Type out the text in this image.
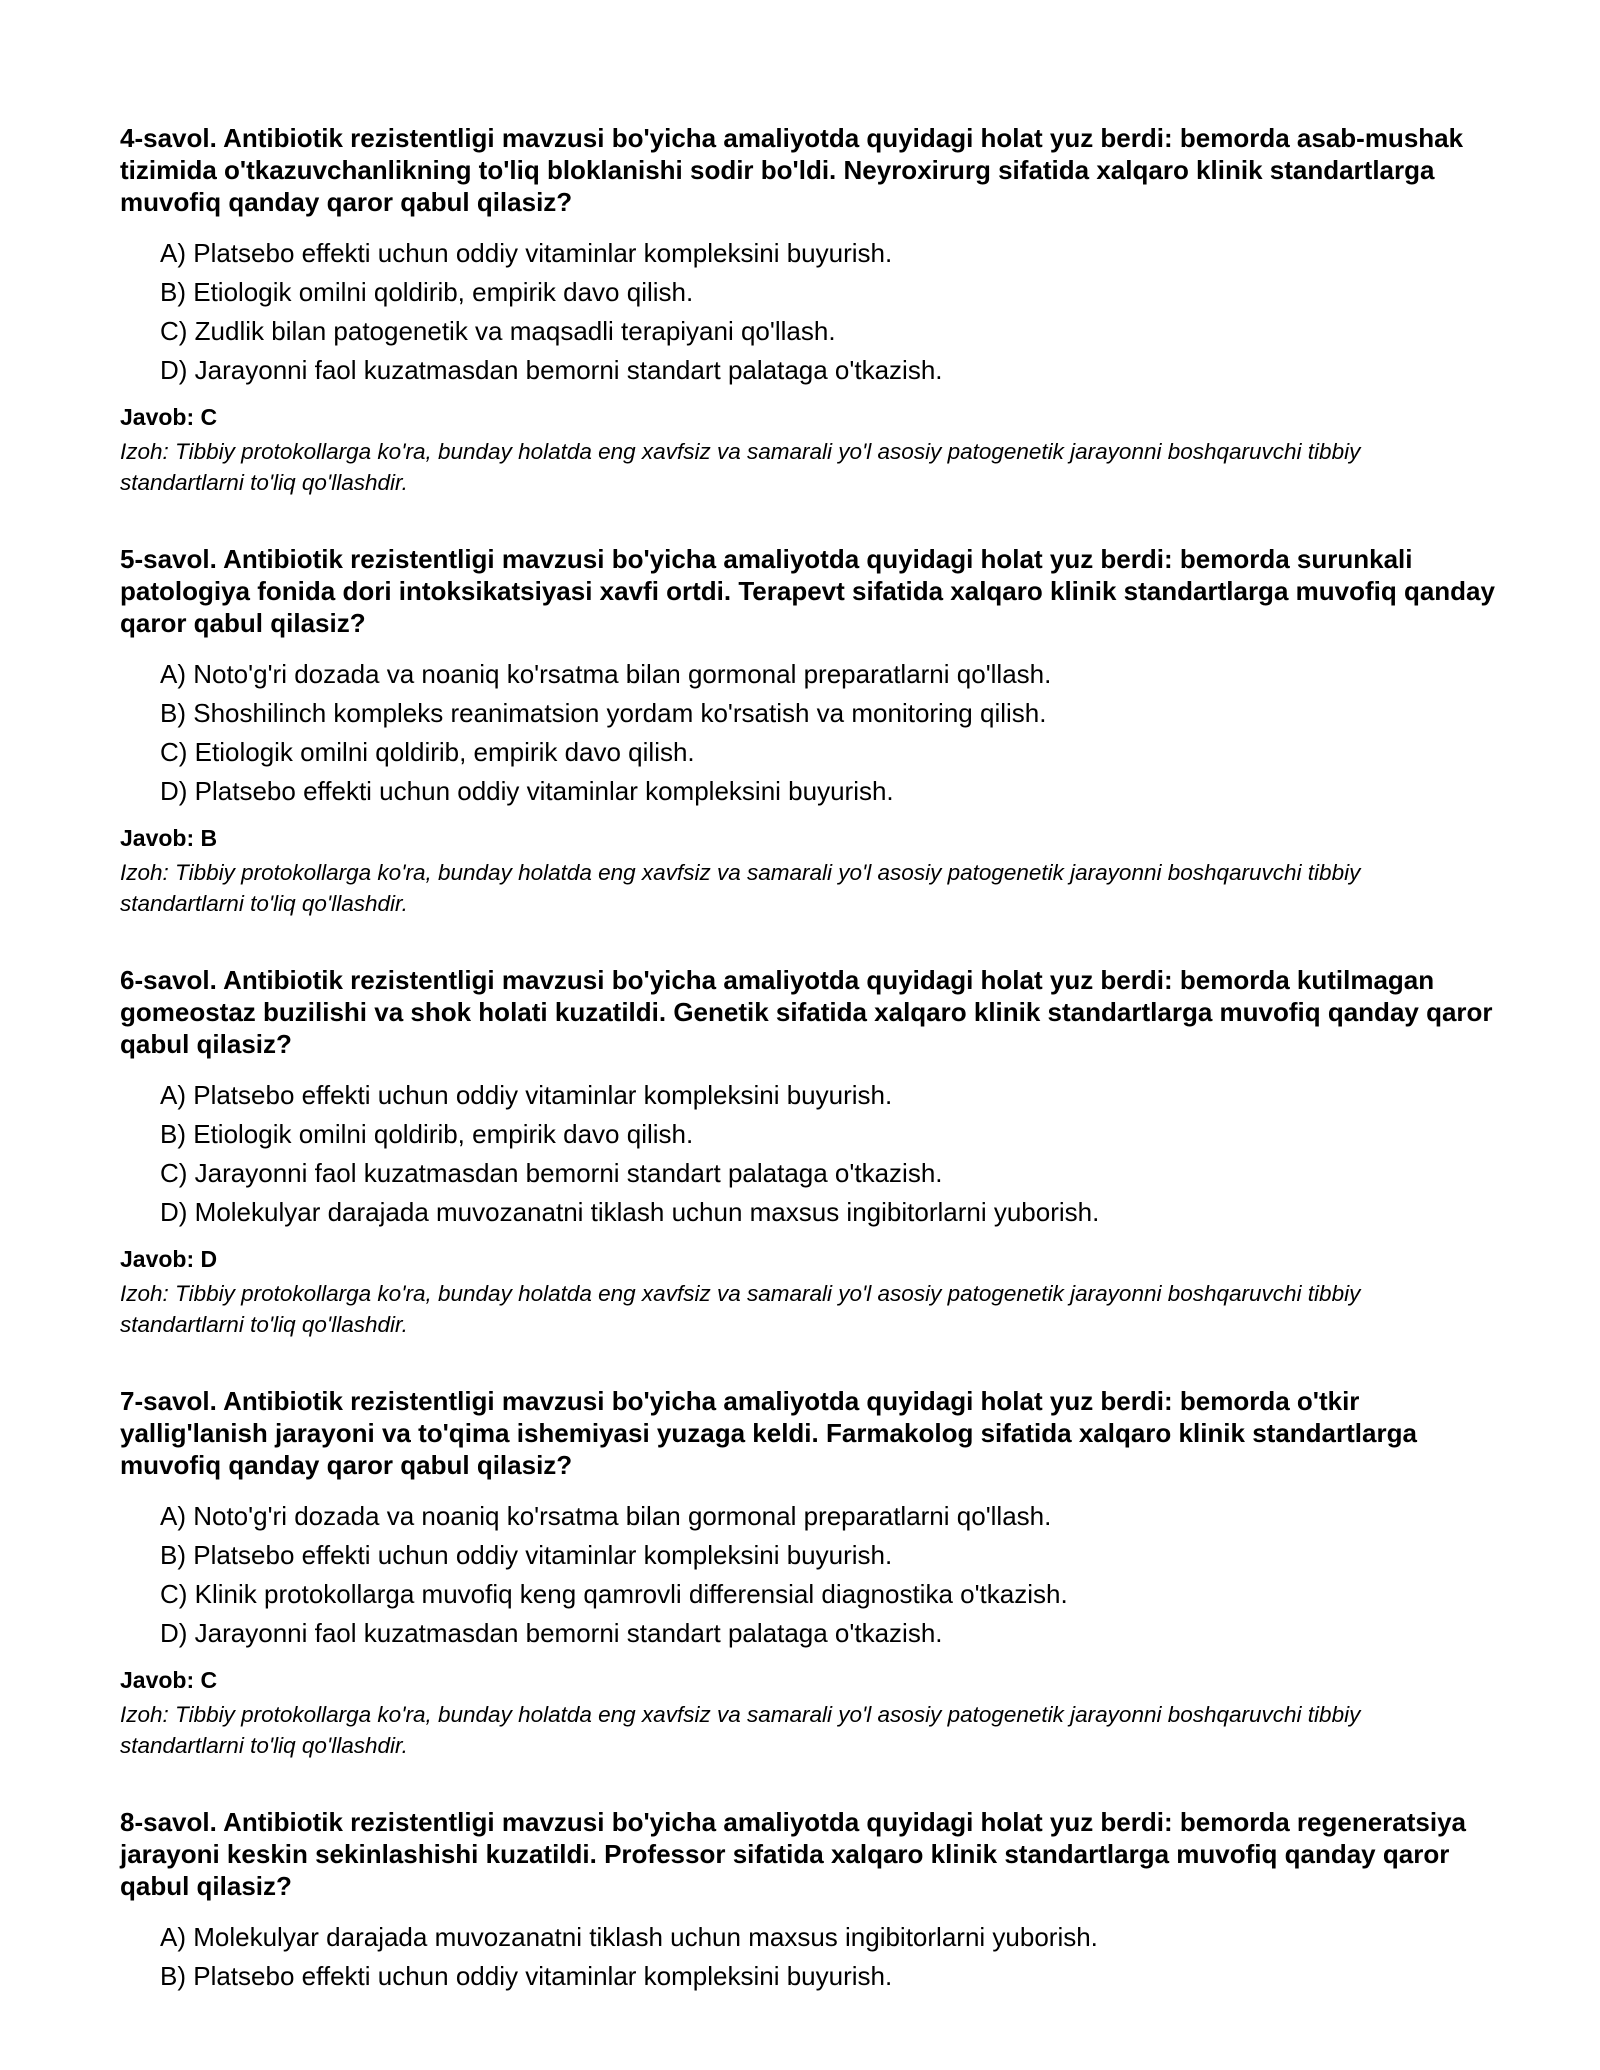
4-savol. Antibiotik rezistentligi mavzusi bo'yicha amaliyotda quyidagi holat yuz berdi: bemorda asab-mushak tizimida o'tkazuvchanlikning to'liq bloklanishi sodir bo'ldi. Neyroxirurg sifatida xalqaro klinik standartlarga muvofiq qanday qaror qabul qilasiz?

A) Platsebo effekti uchun oddiy vitaminlar kompleksini buyurish.
B) Etiologik omilni qoldirib, empirik davo qilish.
C) Zudlik bilan patogenetik va maqsadli terapiyani qo'llash.
D) Jarayonni faol kuzatmasdan bemorni standart palataga o'tkazish.

Javob: C

Izoh: Tibbiy protokollarga ko'ra, bunday holatda eng xavfsiz va samarali yo'l asosiy patogenetik jarayonni boshqaruvchi tibbiy standartlarni to'liq qo'llashdir.

5-savol. Antibiotik rezistentligi mavzusi bo'yicha amaliyotda quyidagi holat yuz berdi: bemorda surunkali patologiya fonida dori intoksikatsiyasi xavfi ortdi. Terapevt sifatida xalqaro klinik standartlarga muvofiq qanday qaror qabul qilasiz?

A) Noto'g'ri dozada va noaniq ko'rsatma bilan gormonal preparatlarni qo'llash.
B) Shoshilinch kompleks reanimatsion yordam ko'rsatish va monitoring qilish.
C) Etiologik omilni qoldirib, empirik davo qilish.
D) Platsebo effekti uchun oddiy vitaminlar kompleksini buyurish.

Javob: B

Izoh: Tibbiy protokollarga ko'ra, bunday holatda eng xavfsiz va samarali yo'l asosiy patogenetik jarayonni boshqaruvchi tibbiy standartlarni to'liq qo'llashdir.

6-savol. Antibiotik rezistentligi mavzusi bo'yicha amaliyotda quyidagi holat yuz berdi: bemorda kutilmagan gomeostaz buzilishi va shok holati kuzatildi. Genetik sifatida xalqaro klinik standartlarga muvofiq qanday qaror qabul qilasiz?

A) Platsebo effekti uchun oddiy vitaminlar kompleksini buyurish.
B) Etiologik omilni qoldirib, empirik davo qilish.
C) Jarayonni faol kuzatmasdan bemorni standart palataga o'tkazish.
D) Molekulyar darajada muvozanatni tiklash uchun maxsus ingibitorlarni yuborish.

Javob: D

Izoh: Tibbiy protokollarga ko'ra, bunday holatda eng xavfsiz va samarali yo'l asosiy patogenetik jarayonni boshqaruvchi tibbiy standartlarni to'liq qo'llashdir.

7-savol. Antibiotik rezistentligi mavzusi bo'yicha amaliyotda quyidagi holat yuz berdi: bemorda o'tkir yallig'lanish jarayoni va to'qima ishemiyasi yuzaga keldi. Farmakolog sifatida xalqaro klinik standartlarga muvofiq qanday qaror qabul qilasiz?

A) Noto'g'ri dozada va noaniq ko'rsatma bilan gormonal preparatlarni qo'llash.
B) Platsebo effekti uchun oddiy vitaminlar kompleksini buyurish.
C) Klinik protokollarga muvofiq keng qamrovli differensial diagnostika o'tkazish.
D) Jarayonni faol kuzatmasdan bemorni standart palataga o'tkazish.

Javob: C

Izoh: Tibbiy protokollarga ko'ra, bunday holatda eng xavfsiz va samarali yo'l asosiy patogenetik jarayonni boshqaruvchi tibbiy standartlarni to'liq qo'llashdir.

8-savol. Antibiotik rezistentligi mavzusi bo'yicha amaliyotda quyidagi holat yuz berdi: bemorda regeneratsiya jarayoni keskin sekinlashishi kuzatildi. Professor sifatida xalqaro klinik standartlarga muvofiq qanday qaror qabul qilasiz?

A) Molekulyar darajada muvozanatni tiklash uchun maxsus ingibitorlarni yuborish.
B) Platsebo effekti uchun oddiy vitaminlar kompleksini buyurish.
